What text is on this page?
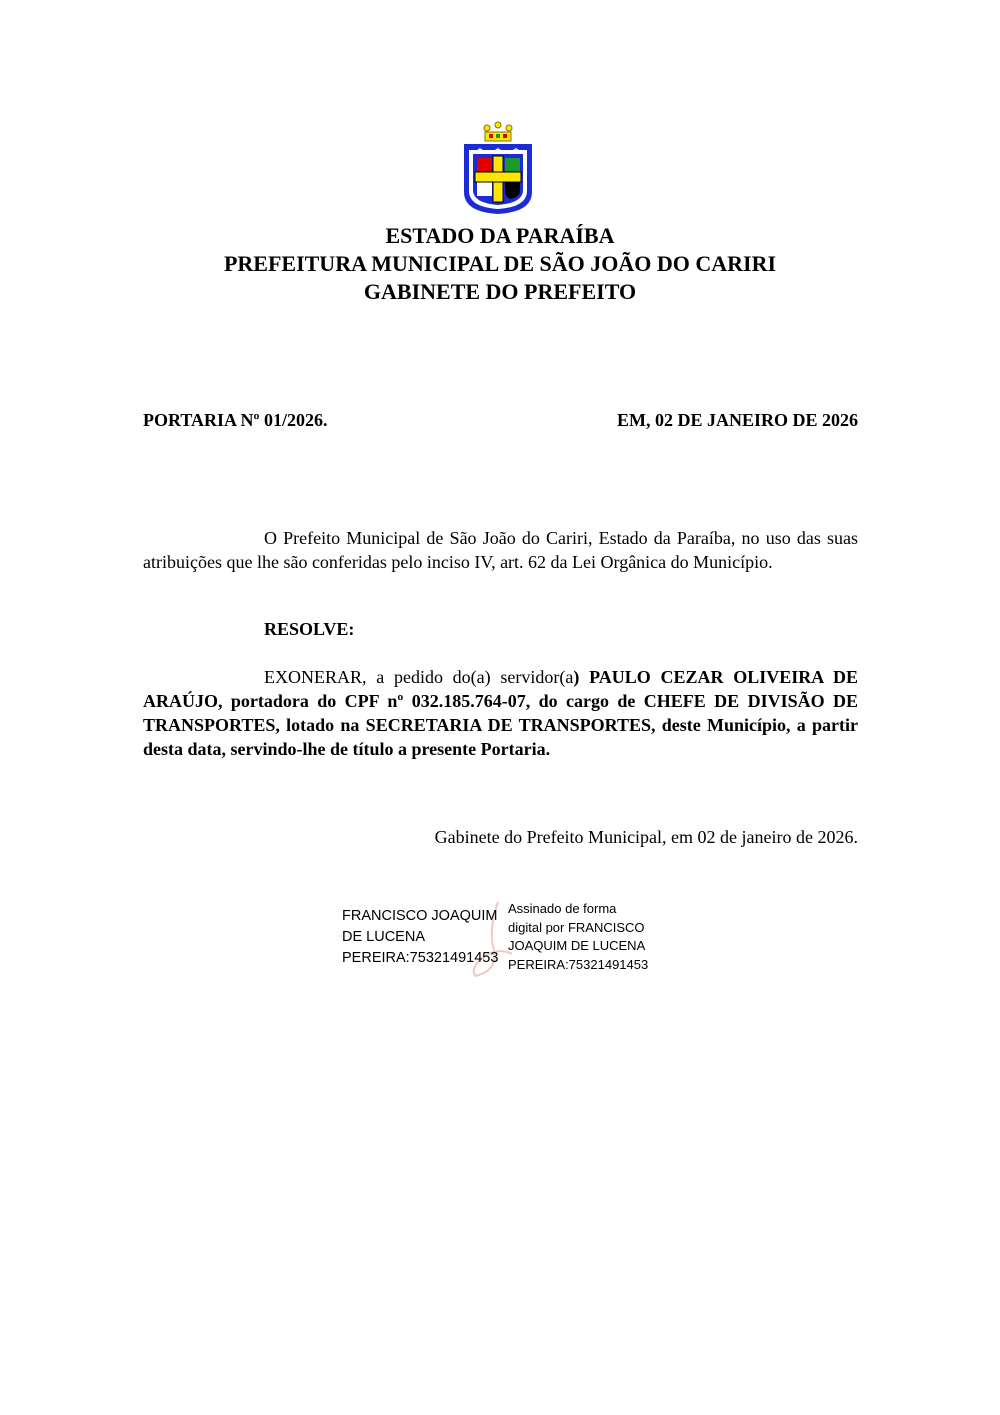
✱ ✱ ✱
ESTADO DA PARAÍBA
PREFEITURA MUNICIPAL DE SÃO JOÃO DO CARIRI
GABINETE DO PREFEITO
PORTARIA Nº 01/2026.	EM, 02 DE JANEIRO DE 2026
O Prefeito Municipal de São João do Cariri, Estado da Paraíba, no uso das suas atribuições que lhe são conferidas pelo inciso IV, art. 62 da Lei Orgânica do Município.
RESOLVE:
EXONERAR, a pedido do(a) servidor(a) PAULO CEZAR OLIVEIRA DE ARAÚJO, portadora do CPF nº 032.185.764-07, do cargo de CHEFE DE DIVISÃO DE TRANSPORTES, lotado na SECRETARIA DE TRANSPORTES, deste Município, a partir desta data, servindo-lhe de título a presente Portaria.
Gabinete do Prefeito Municipal, em 02 de janeiro de 2026.
FRANCISCO JOAQUIM
DE LUCENA
PEREIRA:75321491453
Assinado de forma
digital por FRANCISCO
JOAQUIM DE LUCENA
PEREIRA:75321491453
